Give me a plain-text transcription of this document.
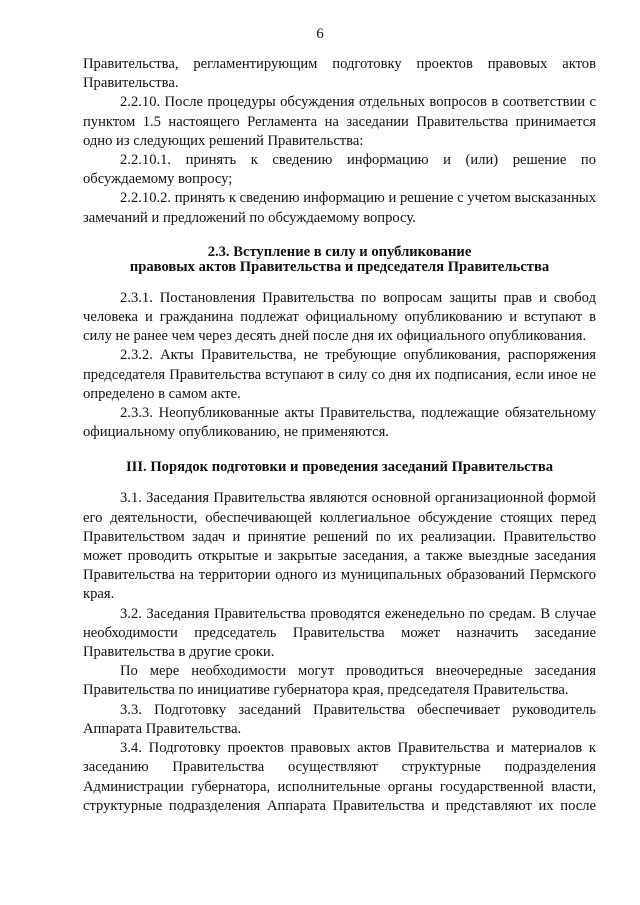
6

Правительства, регламентирующим подготовку проектов правовых актов Правительства.

2.2.10. После процедуры обсуждения отдельных вопросов в соответствии с пунктом 1.5 настоящего Регламента на заседании Правительства принимается одно из следующих решений Правительства:

2.2.10.1. принять к сведению информацию и (или) решение по обсуждаемому вопросу;

2.2.10.2. принять к сведению информацию и решение с учетом высказанных замечаний и предложений по обсуждаемому вопросу.

2.3. Вступление в силу и опубликование

правовых актов Правительства и председателя Правительства

2.3.1. Постановления Правительства по вопросам защиты прав и свобод человека и гражданина подлежат официальному опубликованию и вступают в силу не ранее чем через десять дней после дня их официального опубликования.

2.3.2. Акты Правительства, не требующие опубликования, распоряжения председателя Правительства вступают в силу со дня их подписания, если иное не определено в самом акте.

2.3.3. Неопубликованные акты Правительства, подлежащие обязательному официальному опубликованию, не применяются.

III. Порядок подготовки и проведения заседаний Правительства

3.1. Заседания Правительства являются основной организационной формой его деятельности, обеспечивающей коллегиальное обсуждение стоящих перед Правительством задач и принятие решений по их реализации. Правительство может проводить открытые и закрытые заседания, а также выездные заседания Правительства на территории одного из муниципальных образований Пермского края.

3.2. Заседания Правительства проводятся еженедельно по средам. В случае необходимости председатель Правительства может назначить заседание Правительства в другие сроки.

По мере необходимости могут проводиться внеочередные заседания Правительства по инициативе губернатора края, председателя Правительства.

3.3. Подготовку заседаний Правительства обеспечивает руководитель Аппарата Правительства.

3.4. Подготовку проектов правовых актов Правительства и материалов к заседанию Правительства осуществляют структурные подразделения Администрации губернатора, исполнительные органы государственной власти, структурные подразделения Аппарата Правительства и представляют их после
